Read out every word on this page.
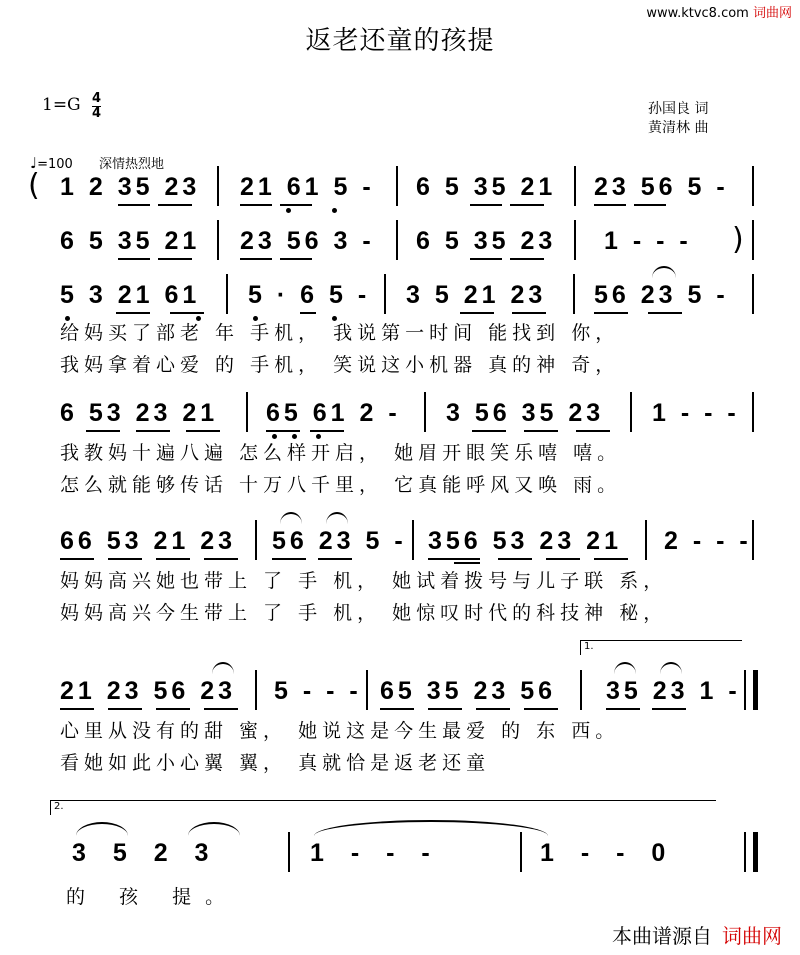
www.ktvc8.com 词曲网
返老还童的孩提
1=G 4
4	孙国良 词
黄清林 曲
♩=100 深情热烈地
( 1 2 35 23 21 61 5 - 6 5 35 21 23 56 5 -
6 5 35 21 23 56 3 - 6 5 35 23 1 - - - )
5 3 21 61 5 · 6 5 - 3 5 21 23 56 23 5 -
给妈买了部老 年 手机， 我说第一时间 能找到 你，
我妈拿着心爱 的 手机， 笑说这小机器 真的神 奇，
6 53 23 21 65 61 2 - 3 56 35 23 1 - - -
我教妈十遍八遍 怎么样开启， 她眉开眼笑乐嘻 嘻。
怎么就能够传话 十万八千里， 它真能呼风又唤 雨。
66 53 21 23 56 23 5 - 356 53 23 21 2 - - -
妈妈高兴她也带上 了 手 机， 她试着拨号与儿子联 系，
妈妈高兴今生带上 了 手 机， 她惊叹时代的科技神 秘，
1.
21 23 56 23 5 - - - 65 35 23 56 35 23 1 -
心里从没有的甜 蜜， 她说这是今生最爱 的 东 西。
看她如此小心翼 翼， 真就恰是返老还童
2.
3 5 2 3	1 - - -	1 - - 0
的 孩 提。
本曲谱源自 词曲网
